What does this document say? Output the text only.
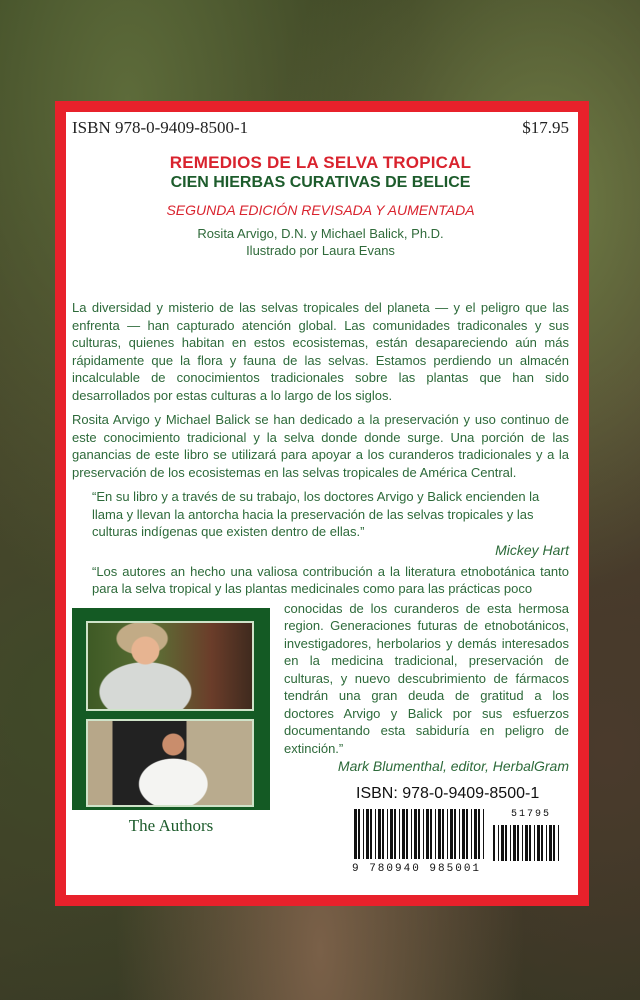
ISBN 978-0-9409-8500-1	$17.95
REMEDIOS DE LA SELVA TROPICAL
CIEN HIERBAS CURATIVAS DE BELICE
SEGUNDA EDICIÓN REVISADA Y AUMENTADA
Rosita Arvigo, D.N. y Michael Balick, Ph.D.
Ilustrado por Laura Evans

La diversidad y misterio de las selvas tropicales del planeta — y el peligro que las enfrenta — han capturado atención global. Las comunidades tradiconales y sus culturas, quienes habitan en estos ecosistemas, están desapareciendo aún más rápidamente que la flora y fauna de las selvas. Estamos perdiendo un almacén incalculable de conocimientos tradicionales sobre las plantas que han sido desarrollados por estas culturas a lo largo de los siglos.

Rosita Arvigo y Michael Balick se han dedicado a la preservación y uso continuo de este conocimiento tradicional y la selva donde donde surge. Una porción de las ganancias de este libro se utilizará para apoyar a los curanderos tradicionales y a la preservación de los ecosistemas en las selvas tropicales de América Central.

“En su libro y a través de su trabajo, los doctores Arvigo y Balick encienden la llama y llevan la antorcha hacia la preservación de las selvas tropicales y las culturas indígenas que existen dentro de ellas.”
Mickey Hart
“Los autores an hecho una valiosa contribución a la literatura etnobotánica tanto para la selva tropical y las plantas medicinales como para las prácticas poco
The Authors
conocidas de los curanderos de esta hermosa region. Generaciones futuras de etnobotánicos, investigadores, herbolarios y demás interesados en la medicina tradicional, preservación de culturas, y nuevo descubrimiento de fármacos tendrán una gran deuda de gratitud a los doctores Arvigo y Balick por sus esfuerzos documentando esta sabiduría en peligro de extinción.”
Mark Blumenthal, editor, HerbalGram
ISBN: 978-0-9409-8500-1
51795
9 780940 985001
